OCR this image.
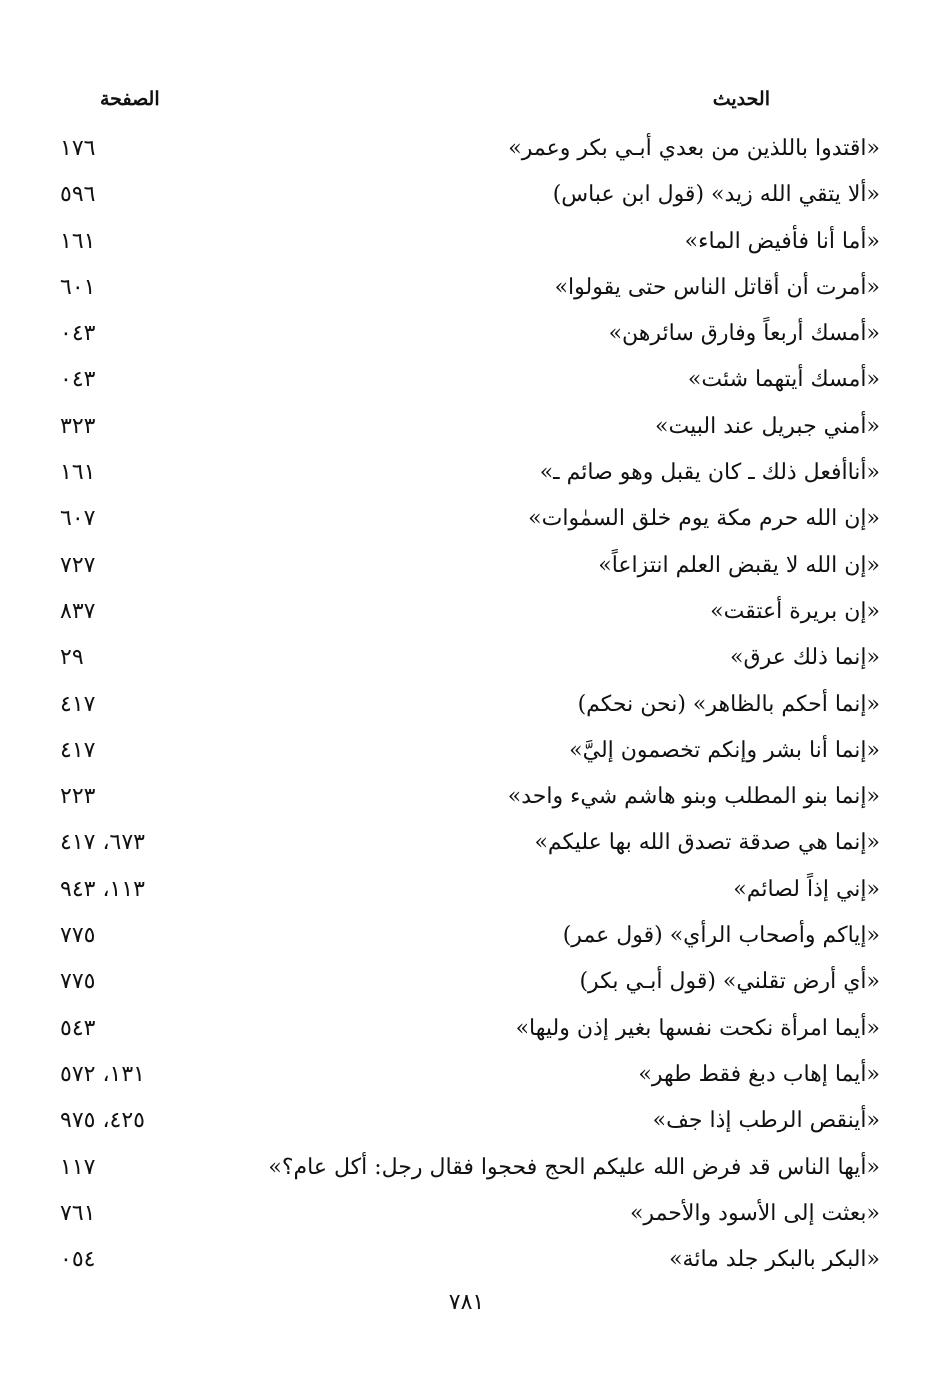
الحديث
الصفحة
«اقتدوا باللذين من بعدي أبـي بكر وعمر»
٦٧١
«ألا يتقي الله زيد» (قول ابن عباس)
٦٩٥
«أما أنا فأفيض الماء»
١٦١
«أمرت أن أقاتل الناس حتى يقولوا»
١٠٦
«أمسك أربعاً وفارق سائرهن»
٣٤٠
«أمسك أيتهما شئت»
٣٤٠
«أمني جبريل عند البيت»
٣٢٣
«أناأفعل ذلك ـ كان يقبل وهو صائم ـ»
١٦١
«إن الله حرم مكة يوم خلق السمٰوات»
٧٠٦
«إن الله لا يقبض العلم انتزاعاً»
٧٢٧
«إن بريرة أعتقت»
٧٣٨
«إنما ذلك عرق»
٩٢
«إنما أحكم بالظاهر» (نحن نحكم)
٧١٤
«إنما أنا بشر وإنكم تخصمون إليَّ»
٧١٤
«إنما بنو المطلب وبنو هاشم شيء واحد»
٣٢٢
«إنما هي صدقة تصدق الله بها عليكم»
٣٧٦، ٧١٤
«إني إذاً لصائم»
٣١١، ٣٤٩
«إياكم وأصحاب الرأي» (قول عمر)
٥٧٧
«أي أرض تقلني» (قول أبـي بكر)
٥٧٧
«أيما امرأة نكحت نفسها بغير إذن وليها»
٣٤٥
«أيما إهاب دبغ فقط طهر»
١٣١، ٢٧٥
«أينقص الرطب إذا جف»
٥٢٤، ٥٧٩
«أيها الناس قد فرض الله عليكم الحج فحجوا فقال رجل: أكل عام؟»
٧١١
«بعثت إلى الأسود والأحمر»
١٦٧
«البكر بالبكر جلد مائة»
٤٥٠
٧٨١
